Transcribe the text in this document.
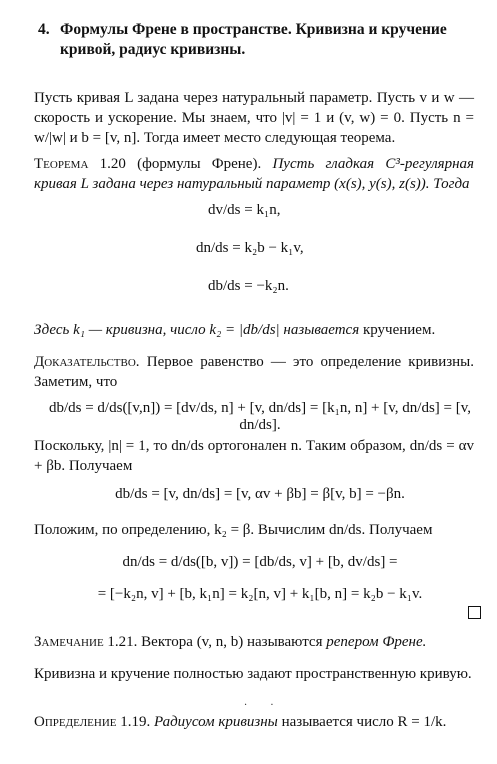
4. Формулы Френе в пространстве. Кривизна и кручение кривой, радиус кривизны.
Пусть кривая L задана через натуральный параметр. Пусть v и w — скорость и ускорение. Мы знаем, что |v| = 1 и (v, w) = 0. Пусть n = w/|w| и b = [v, n]. Тогда имеет место следующая теорема.
Теорема 1.20 (формулы Френе). Пусть гладкая C³-регулярная кривая L задана через натуральный параметр (x(s), y(s), z(s)). Тогда
dv/ds = k₁n,
dn/ds = k₂b − k₁v,
db/ds = −k₂n.
Здесь k₁ — кривизна, число k₂ = |db/ds| называется кручением.
Доказательство. Первое равенство — это определение кривизны. Заметим, что
db/ds = d/ds([v,n]) = [dv/ds, n] + [v, dn/ds] = [k₁n, n] + [v, dn/ds] = [v, dn/ds].
Поскольку, |n| = 1, то dn/ds ортогонален n. Таким образом, dn/ds = αv + βb. Получаем
db/ds = [v, dn/ds] = [v, αv + βb] = β[v, b] = −βn.
Положим, по определению, k₂ = β. Вычислим dn/ds. Получаем
dn/ds = d/ds([b, v]) = [db/ds, v] + [b, dv/ds] =
= [−k₂n, v] + [b, k₁n] = k₂[n, v] + k₁[b, n] = k₂b − k₁v.
Замечание 1.21. Вектора (v, n, b) называются репером Френе.
Кривизна и кручение полностью задают пространственную кривую.
· ·
Определение 1.19. Радиусом кривизны называется число R = 1/k.
